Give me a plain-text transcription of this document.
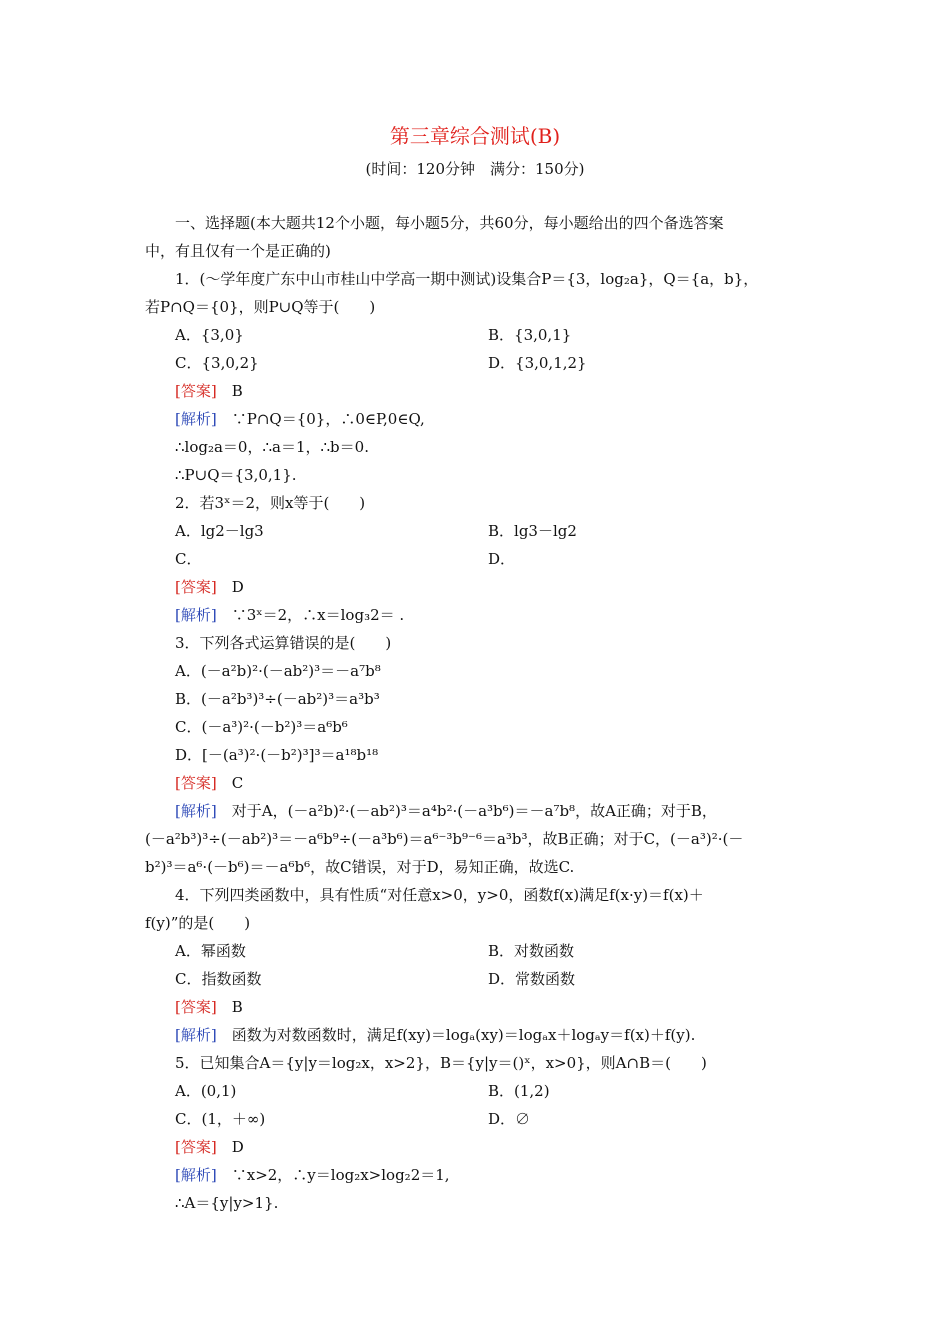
第三章综合测试(B)
(时间：120分钟　满分：150分)
一、选择题(本大题共12个小题，每小题5分，共60分，每小题给出的四个备选答案
中，有且仅有一个是正确的)
1．(～学年度广东中山市桂山中学高一期中测试)设集合P＝{3，log₂a}，Q＝{a，b}，
若P∩Q＝{0}，则P∪Q等于(　　)
A．{3,0}	B．{3,0,1}
C．{3,0,2}	D．{3,0,1,2}
[答案]　 B
[解析]　 ∵P∩Q＝{0}，∴0∈P,0∈Q,
∴log₂a＝0，∴a＝1，∴b＝0.
∴P∪Q＝{3,0,1}.
2．若3ˣ＝2，则x等于(　　)
A．lg2－lg3	B．lg3－lg2
C．	D．
[答案]　 D
[解析]　 ∵3ˣ＝2，∴x＝log₃2＝ .
3．下列各式运算错误的是(　　)
A．(－a²b)²·(－ab²)³＝－a⁷b⁸
B．(－a²b³)³÷(－ab²)³＝a³b³
C．(－a³)²·(－b²)³＝a⁶b⁶
D．[－(a³)²·(－b²)³]³＝a¹⁸b¹⁸
[答案]　 C
[解析]　 对于A，(－a²b)²·(－ab²)³＝a⁴b²·(－a³b⁶)＝－a⁷b⁸，故A正确；对于B，
(－a²b³)³÷(－ab²)³＝－a⁶b⁹÷(－a³b⁶)＝a⁶⁻³b⁹⁻⁶＝a³b³，故B正确；对于C，(－a³)²·(－
b²)³＝a⁶·(－b⁶)＝－a⁶b⁶，故C错误，对于D，易知正确，故选C.
4．下列四类函数中，具有性质“对任意x>0，y>0，函数f(x)满足f(x·y)＝f(x)＋
f(y)”的是(　　)
A．幂函数	B．对数函数
C．指数函数	D．常数函数
[答案]　 B
[解析]　 函数为对数函数时，满足f(xy)＝logₐ(xy)＝logₐx＋logₐy＝f(x)＋f(y).
5．已知集合A＝{y|y＝log₂x，x>2}，B＝{y|y＝()ˣ，x>0}，则A∩B＝(　　)
A．(0,1)	B．(1,2)
C．(1，＋∞)	D．∅
[答案]　 D
[解析]　 ∵x>2，∴y＝log₂x>log₂2＝1,
∴A＝{y|y>1}.
